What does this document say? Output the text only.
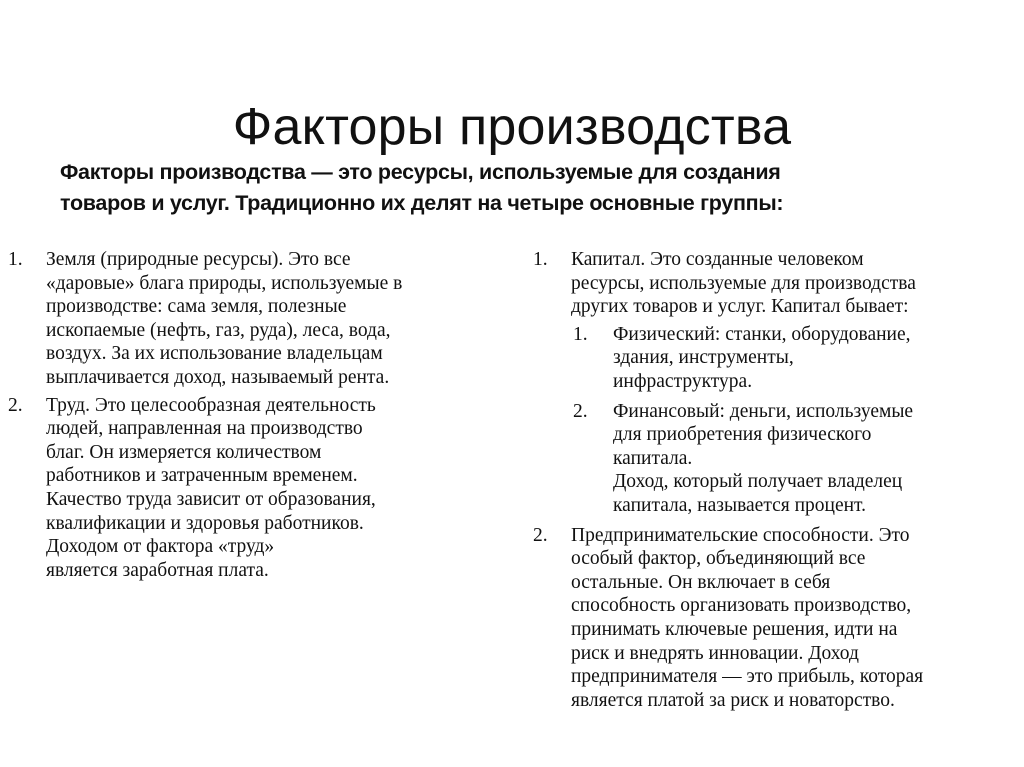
Факторы производства
Факторы производства — это ресурсы, используемые для создания
товаров и услуг. Традиционно их делят на четыре основные группы:
1. Земля (природные ресурсы). Это все
«даровые» блага природы, используемые в
производстве: сама земля, полезные
ископаемые (нефть, газ, руда), леса, вода,
воздух. За их использование владельцам
выплачивается доход, называемый рента.
2. Труд. Это целесообразная деятельность
людей, направленная на производство
благ. Он измеряется количеством
работников и затраченным временем.
Качество труда зависит от образования,
квалификации и здоровья работников.
Доходом от фактора «труд»
является заработная плата.
1. Капитал. Это созданные человеком
ресурсы, используемые для производства
других товаров и услуг. Капитал бывает:
1. Физический: станки, оборудование,
здания, инструменты,
инфраструктура.
2. Финансовый: деньги, используемые
для приобретения физического
капитала.
Доход, который получает владелец
капитала, называется процент.
2. Предпринимательские способности. Это
особый фактор, объединяющий все
остальные. Он включает в себя
способность организовать производство,
принимать ключевые решения, идти на
риск и внедрять инновации. Доход
предпринимателя — это прибыль, которая
является платой за риск и новаторство.
